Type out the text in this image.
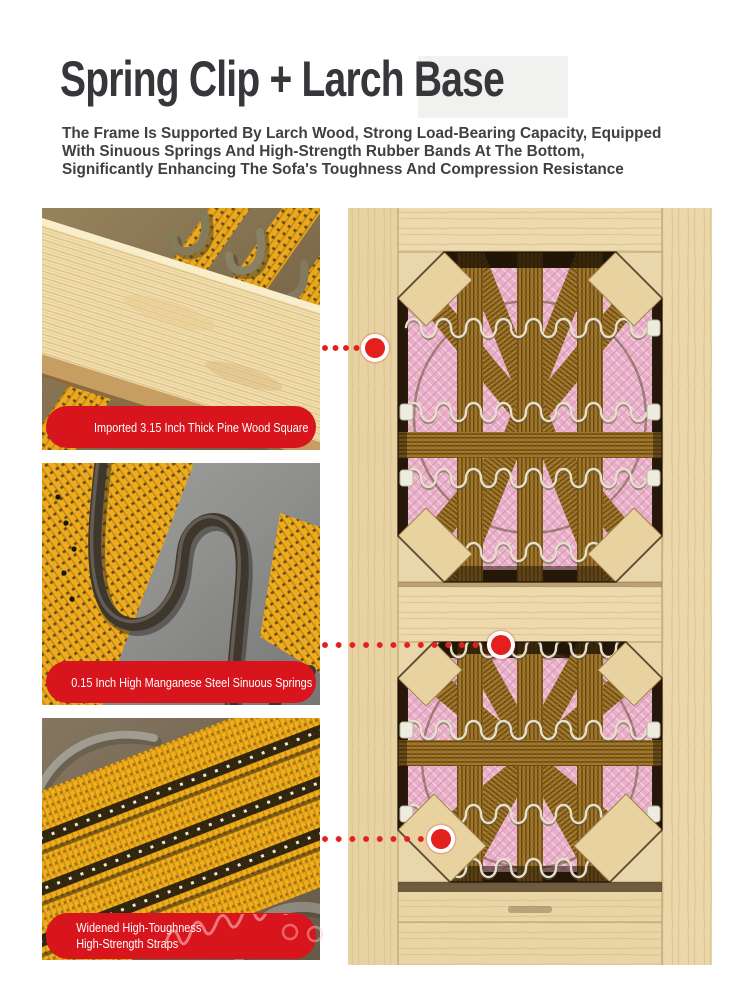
Spring Clip + Larch Base
The Frame Is Supported By Larch Wood, Strong Load-Bearing Capacity, Equipped
With Sinuous Springs And High-Strength Rubber Bands At The Bottom,
Significantly Enhancing The Sofa's Toughness And Compression Resistance
Imported 3.15 Inch Thick Pine Wood Square
0.15 Inch High Manganese Steel Sinuous Springs
Widened High-Toughness
High-Strength Straps
